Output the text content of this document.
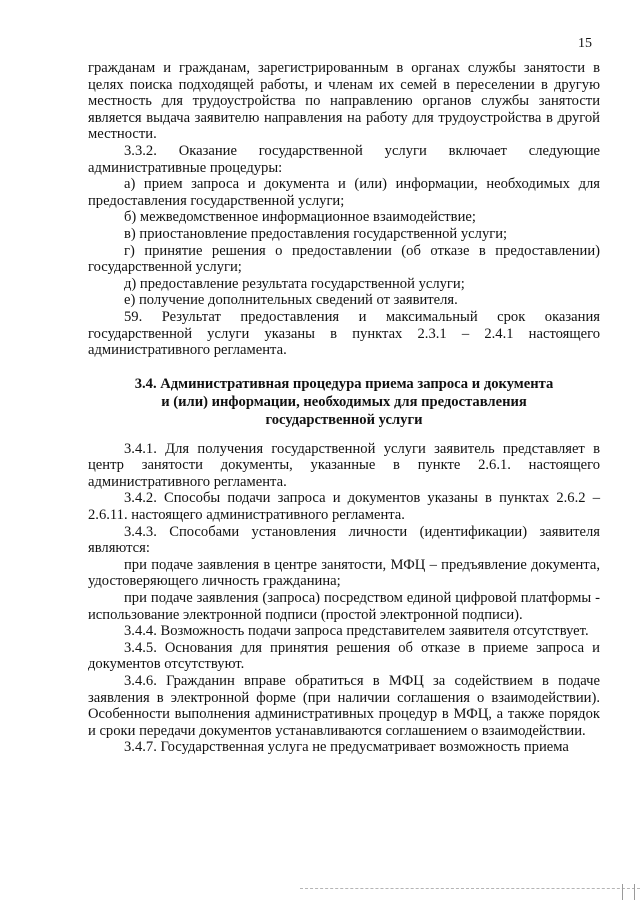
15

гражданам и гражданам, зарегистрированным в органах службы занятости в целях поиска подходящей работы, и членам их семей в переселении в другую местность для трудоустройства по направлению органов службы занятости является выдача заявителю направления на работу для трудоустройства в другой местности.

3.3.2. Оказание государственной услуги включает следующие административные процедуры:

а) прием запроса и документа и (или) информации, необходимых для предоставления государственной услуги;

б) межведомственное информационное взаимодействие;

в) приостановление предоставления государственной услуги;

г) принятие решения о предоставлении (об отказе в предоставлении) государственной услуги;

д) предоставление результата государственной услуги;

е) получение дополнительных сведений от заявителя.

59. Результат предоставления и максимальный срок оказания государственной услуги указаны в пунктах 2.3.1 – 2.4.1 настоящего административного регламента.

3.4. Административная процедура приема запроса и документа
и (или) информации, необходимых для предоставления
государственной услуги

3.4.1. Для получения государственной услуги заявитель представляет в центр занятости документы, указанные в пункте 2.6.1. настоящего административного регламента.

3.4.2. Способы подачи запроса и документов указаны в пунктах 2.6.2 – 2.6.11. настоящего административного регламента.

3.4.3. Способами установления личности (идентификации) заявителя являются:

при подаче заявления в центре занятости, МФЦ – предъявление документа, удостоверяющего личность гражданина;

при подаче заявления (запроса) посредством единой цифровой платформы - использование электронной подписи (простой электронной подписи).

3.4.4. Возможность подачи запроса представителем заявителя отсутствует.

3.4.5. Основания для принятия решения об отказе в приеме запроса и документов отсутствуют.

3.4.6. Гражданин вправе обратиться в МФЦ за содействием в подаче заявления в электронной форме (при наличии соглашения о взаимодействии). Особенности выполнения административных процедур в МФЦ, а также порядок и сроки передачи документов устанавливаются соглашением о взаимодействии.

3.4.7. Государственная услуга не предусматривает возможность приема
